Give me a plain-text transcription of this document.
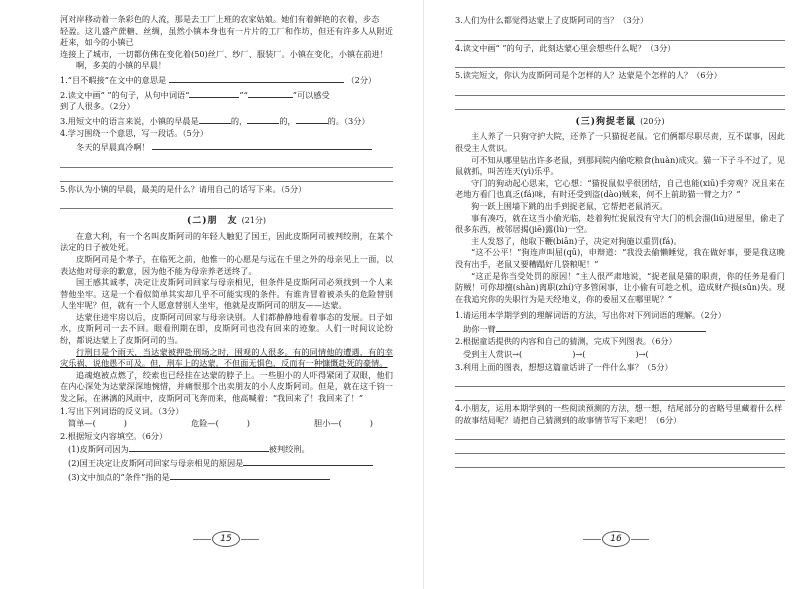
河对岸移动着一条彩色的人流，那是去工厂上班的农家姑娘。她们有着鲜艳的衣着，步态

轻盈。这儿盛产蔗糖、丝绸，虽然小镇本身也有一片片的工厂和作坊，但还有许多人从附近赶来，如今的小镇已

连接上了城市，一切都仿佛在变化着(50)丝厂、纱厂、服装厂。小镇在变化，小镇在前进！

啊，多美的小镇的早晨！

1.“目不暇接”在文中的意思是	（2分）

2.读文中画“ ”的句子，从句中词语“	”“	”可以感受

到了人很多。（2分）

3.用短文中的语言来说，小镇的早晨是	的，	的，	的。（3分）

4.学习围绕一个意思，写一段话。（5分）

冬天的早晨真冷啊！

5.你认为小镇的早晨，最美的是什么？请用自己的话写下来。（5分）

(二)朋　友 (21分)

在意大利，有一个名叫皮斯阿司的年轻人触犯了国王，因此皮斯阿司被判绞刑，在某个法定的日子被处死。

皮斯阿司是个孝子，在临死之前，他惟一的心愿是与远在千里之外的母亲见上一面，以表达他对母亲的歉意，因为他不能为母亲养老送终了。

国王感其诚孝，决定让皮斯阿司回家与母亲相见，但条件是皮斯阿司必须找到一个人来替他坐牢。这是一个看似简单其实却几乎不可能实现的条件。有谁肯冒着被杀头的危险替别人坐牢呢？但，就有一个人愿意替别人坐牢，他就是皮斯阿司的朋友——达蒙。

达蒙住进牢房以后，皮斯阿司回家与母亲诀别。人们都静静地看着事态的发展。日子如水，皮斯阿司一去不回。眼看刑期在即，皮斯阿司也没有回来的迹象。人们一时间议论纷纷，都说达蒙上了皮斯阿司的当。

行刑日是个雨天，当达蒙被押赴刑场之时，围观的人很多。有的同情他的遭遇，有的幸灾乐祸，说他愚不可及。但，刑车上的达蒙，不但面无惧色，反而有一种慷慨赴死的豪情。

追魂炮被点燃了，绞索也已经挂在达蒙的脖子上。一些胆小的人吓得紧闭了双眼，他们在内心深处为达蒙深深地惋惜，并痛恨那个出卖朋友的小人皮斯阿司。但是，就在这千钧一发之际，在淋漓的风雨中，皮斯阿司飞奔而来，他高喊着：“我回来了！我回来了！”

1.写出下列词语的反义词。（3分）

简单—(	)	危险—(	)	胆小—(	)

2.根据短文内容填空。（6分）

(1)皮斯阿司因为	被判绞刑。

(2)国王决定让皮斯阿司回家与母亲相见的原因是

(3)文中加点的“条件”指的是

15

3.人们为什么都觉得达蒙上了皮斯阿司的当？（3分）

4.读文中画“ ”的句子，此刻达蒙心里会想些什么呢？（3分）

5.读完短文，你认为皮斯阿司是个怎样的人？达蒙是个怎样的人？（6分）

(三)狗捉老鼠 (20分)

主人养了一只狗守护大院，还养了一只猫捉老鼠。它们俩都尽职尽责，互不谋事，因此很受主人赏识。

可不知从哪里钻出许多老鼠，到那间院内偷吃粮食(huàn)成灾。猫一下子斗不过了，见鼠就抓，叫苦连天(yì)乐乎。

守门的狗动起心思来，它心想：“猫捉鼠似乎很团结，自己也能(xiū)手旁观？况且来在老地方看门也真乏(fá)味，有时还受到盗(dào)贼来，何不上前助猫一臂之力？”

狗一跃上围墙下跳的出手到捉老鼠，它帮把老鼠消灭。

事有凑巧，就在这当小偷光临，趁着狗忙捉鼠没有守大门的机会溜(liū)进屋里，偷走了很多东西，被邻居揭(jiē)露(lù)一空。

主人发怒了，他取下鞭(biān)子，决定对狗施以重罚(fá)。

“这不公平！”狗连声叫屈(qū)，申辩道：“我没去偷懒睡觉，我在做好事，要是我这晚没有出手，老鼠又要糟蹋好几袋粮呢！”

“这正是你当受处罚的原因！”主人很严肃地说，“捉老鼠是猫的职责，你的任务是看门防贼！可你却擅(shàn)离职(zhí)守多管闲事，让小偷有可趁之机，造成财产损(sǔn)失。现在我追究你的失职行为是天经地义，你的委屈又在哪里呢？”

1.请运用本学期学到的理解词语的方法，写出你对下列词语的理解。（2分）

助你一臂

2.根据童话提供的内容和自己的猜测，完成下列图表。（6分）

受到主人赏识→(	)→(	)→(

3.利用上面的图表，想想这篇童话讲了一件什么事？（5分）

4.小朋友，运用本期学到的一些阅读预测的方法，想一想，结尾部分的省略号里藏着什么样的故事结局呢？请把自己猜测到的故事情节写下来吧！（6分）

16
